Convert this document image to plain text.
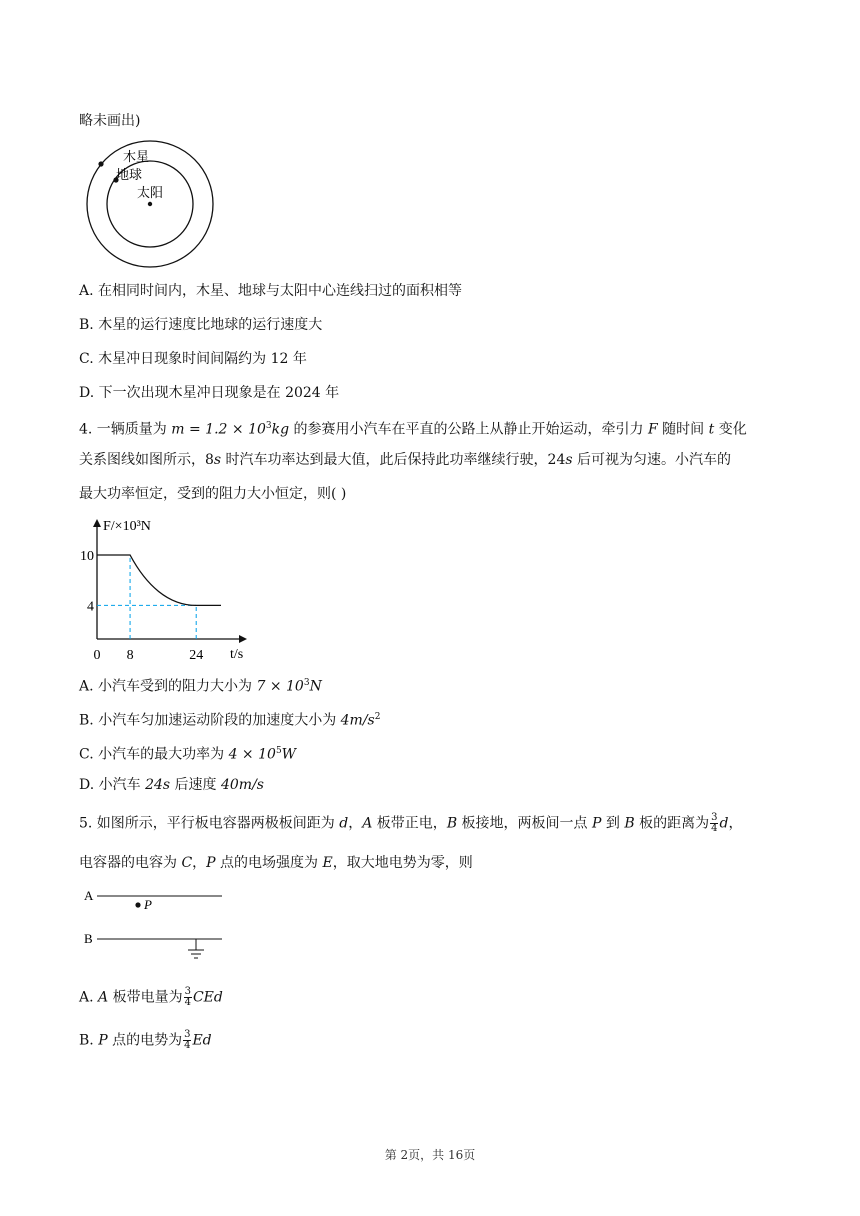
略未画出)
木星
地球
太阳
A. 在相同时间内，木星、地球与太阳中心连线扫过的面积相等
B. 木星的运行速度比地球的运行速度大
C. 木星冲日现象时间间隔约为 12 年
D. 下一次出现木星冲日现象是在 2024 年
4. 一辆质量为 $m = 1.2 \times 10^3kg$ 的参赛用小汽车在平直的公路上从静止开始运动，牵引力 F 随时间 t 变化
关系图线如图所示，8s 时汽车功率达到最大值，此后保持此功率继续行驶，24s 后可视为匀速。小汽车的
最大功率恒定，受到的阻力大小恒定，则( )
F/×10³N
t/s
0 8	24
10
4
A. 小汽车受到的阻力大小为 $7 \times 10^3N$
B. 小汽车匀加速运动阶段的加速度大小为 $4m/s^2$
C. 小汽车的最大功率为 $4 \times 10^5W$
D. 小汽车 24s 后速度 40m/s
5. 如图所示，平行板电容器两极板间距为 d，A 板带正电，B 板接地，两板间一点 P 到 B 板的距离为 $\frac{3}{4}$ d，
电容器的电容为 C，P 点的电场强度为 E，取大地电势为零，则
A
P
B
A. A 板带电量为 $\frac{3}{4}$ CEd
B. P 点的电势为 $\frac{3}{4}$ Ed
第 2页，共 16页
